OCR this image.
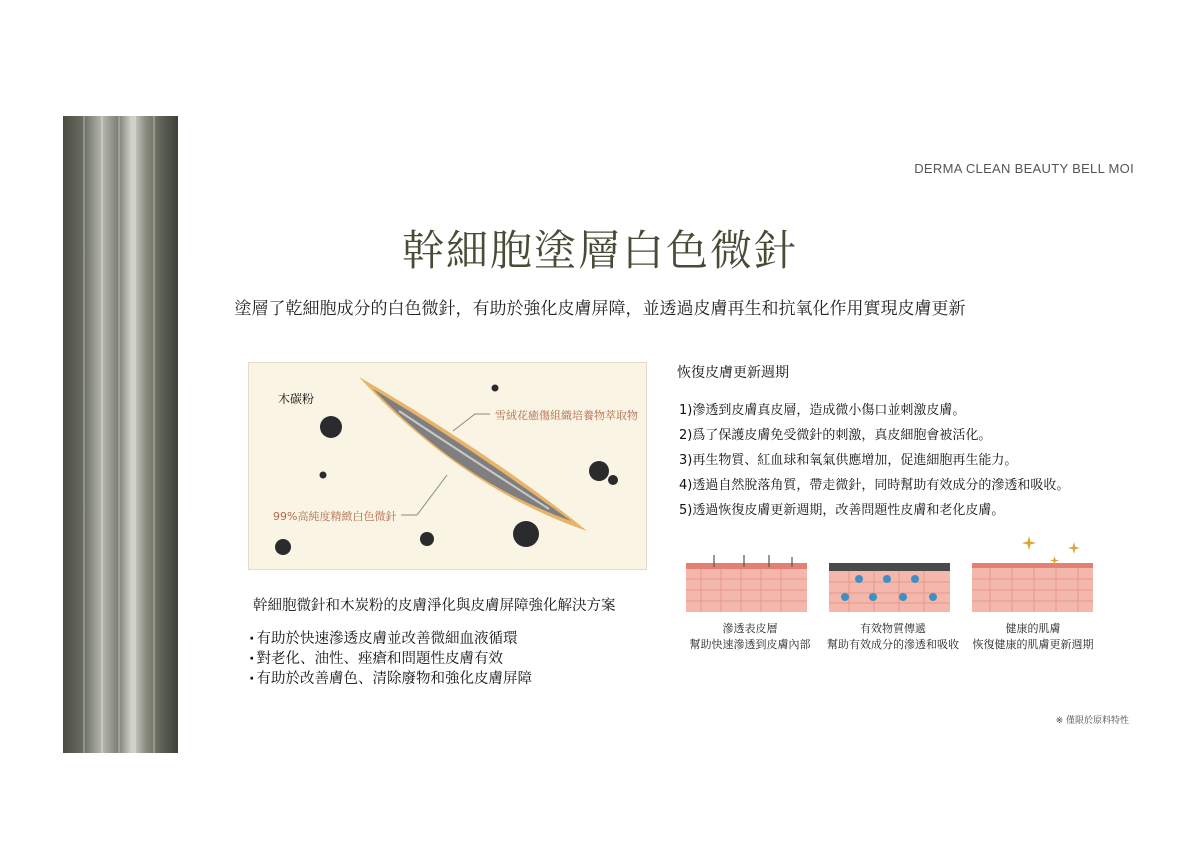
DERMA CLEAN BEAUTY BELL MOI
幹細胞塗層白色微針
塗層了乾細胞成分的白色微針，有助於強化皮膚屏障，並透過皮膚再生和抗氧化作用實現皮膚更新
木碳粉
雪絨花癒傷組織培養物萃取物
99%高純度精緻白色微針
幹細胞微針和木炭粉的皮膚淨化與皮膚屏障強化解決方案
· 有助於快速滲透皮膚並改善微細血液循環
· 對老化、油性、痤瘡和問題性皮膚有效
· 有助於改善膚色、清除廢物和強化皮膚屏障
恢復皮膚更新週期
1)滲透到皮膚真皮層，造成微小傷口並刺激皮膚。
2)爲了保護皮膚免受微針的刺激，真皮細胞會被活化。
3)再生物質、紅血球和氧氣供應增加，促進細胞再生能力。
4)透過自然脫落角質，帶走微針，同時幫助有效成分的滲透和吸收。
5)透過恢復皮膚更新週期，改善問題性皮膚和老化皮膚。
滲透表皮層
幫助快速滲透到皮膚內部
有效物質傳遞
幫助有效成分的滲透和吸收
健康的肌膚
恢復健康的肌膚更新週期
※ 僅限於原料特性
